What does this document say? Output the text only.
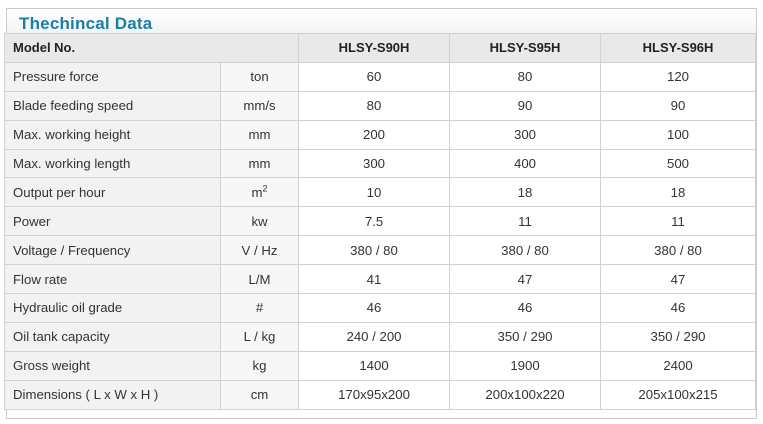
Thechincal Data
Model No.		HLSY-S90H	HLSY-S95H	HLSY-S96H
Pressure force	ton	60	80	120
Blade feeding speed	mm/s	80	90	90
Max. working height	mm	200	300	100
Max. working length	mm	300	400	500
Output per hour	$m^2$	10	18	18
Power	kw	7.5	11	11
Voltage / Frequency	V / Hz	380 / 80	380 / 80	380 / 80
Flow rate	L/M	41	47	47
Hydraulic oil grade	#	46	46	46
Oil tank capacity	L / kg	240 / 200	350 / 290	350 / 290
Gross weight	kg	1400	1900	2400
Dimensions ( L x W x H )	cm	170x95x200	200x100x220	205x100x215
